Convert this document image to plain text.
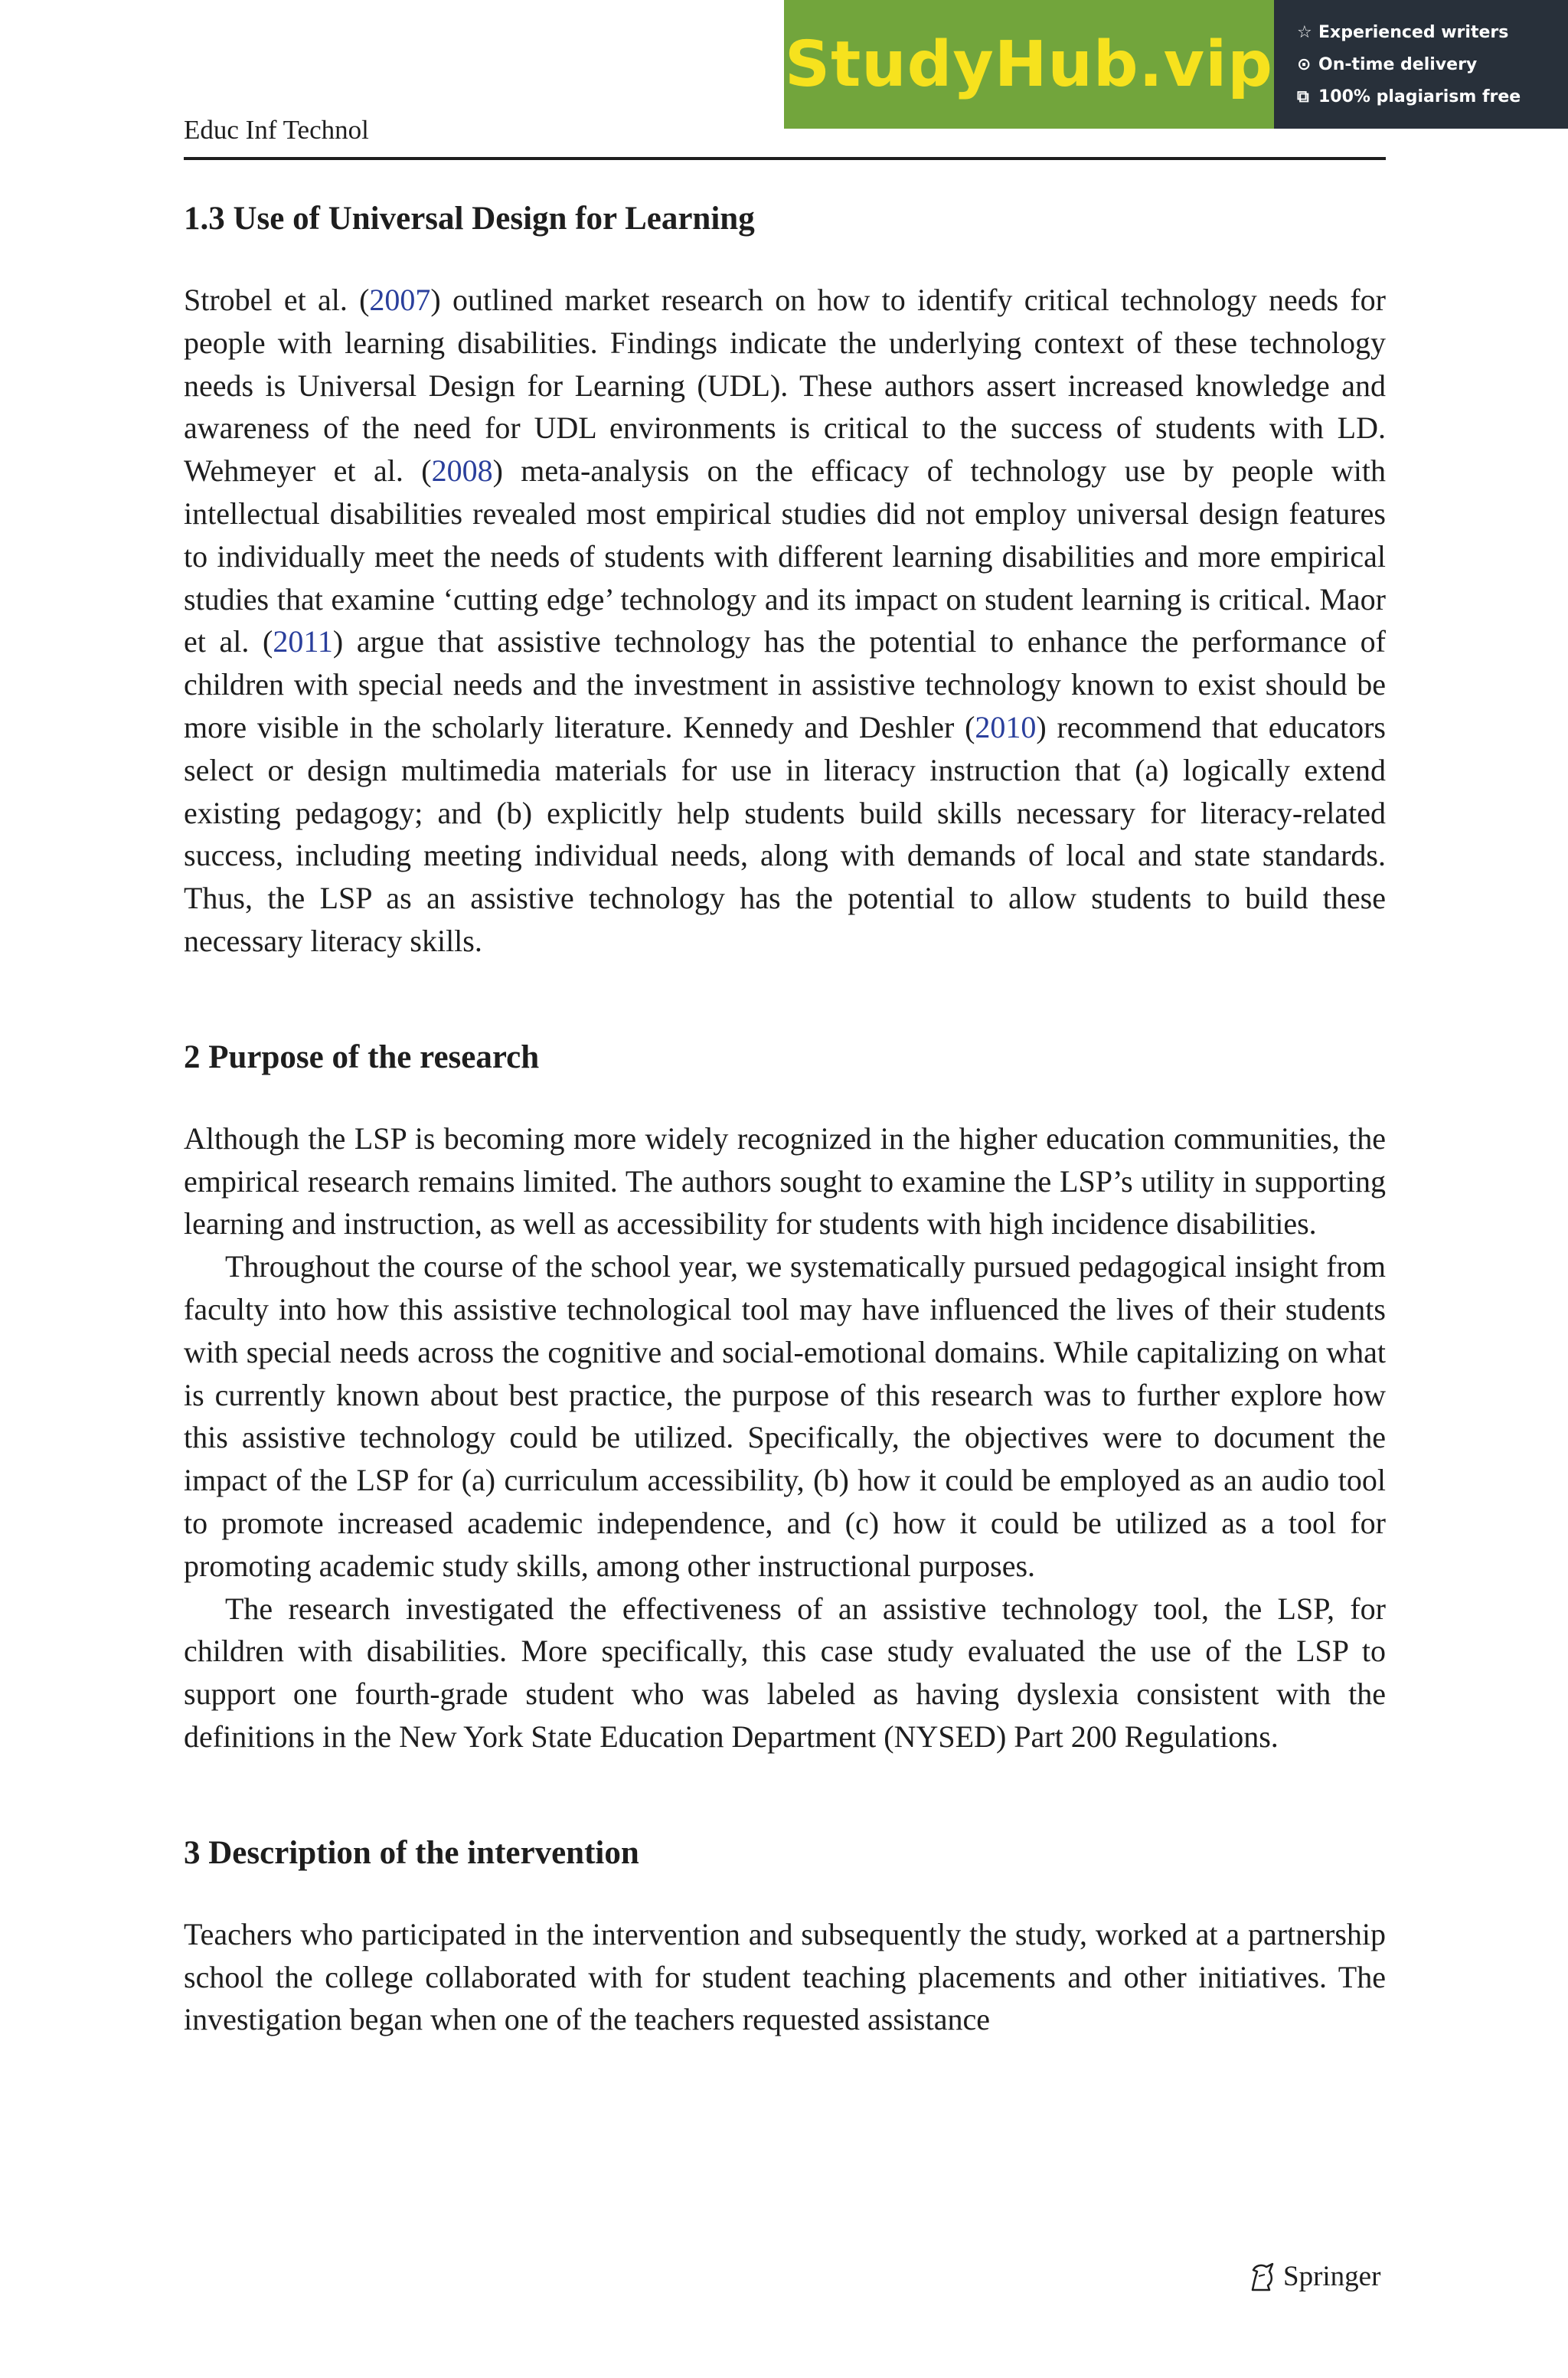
StudyHub.vip ☆ Experienced writers
⊙ On-time delivery
⧉ 100% plagiarism free
Educ Inf Technol
1.3 Use of Universal Design for Learning

Strobel et al. (2007) outlined market research on how to identify critical technology needs for people with learning disabilities. Findings indicate the underlying context of these technology needs is Universal Design for Learning (UDL). These authors assert increased knowledge and awareness of the need for UDL environments is critical to the success of students with LD. Wehmeyer et al. (2008) meta-analysis on the efficacy of technology use by people with intellectual disabilities revealed most empirical studies did not employ universal design features to individually meet the needs of students with different learning disabilities and more empirical studies that examine ‘cutting edge’ technology and its impact on student learning is critical. Maor et al. (2011) argue that assistive technology has the potential to enhance the performance of children with special needs and the investment in assistive technology known to exist should be more visible in the scholarly literature. Kennedy and Deshler (2010) recommend that educators select or design multimedia materials for use in literacy instruction that (a) logically extend existing pedagogy; and (b) explicitly help students build skills necessary for literacy-related success, including meeting individual needs, along with demands of local and state standards. Thus, the LSP as an assistive technology has the potential to allow students to build these necessary literacy skills.

2 Purpose of the research

Although the LSP is becoming more widely recognized in the higher education communities, the empirical research remains limited. The authors sought to examine the LSP’s utility in supporting learning and instruction, as well as accessibility for students with high incidence disabilities.

Throughout the course of the school year, we systematically pursued pedagogical insight from faculty into how this assistive technological tool may have influenced the lives of their students with special needs across the cognitive and social-emotional domains. While capitalizing on what is currently known about best practice, the purpose of this research was to further explore how this assistive technology could be utilized. Specifically, the objectives were to document the impact of the LSP for (a) curriculum accessibility, (b) how it could be employed as an audio tool to promote increased academic independence, and (c) how it could be utilized as a tool for promoting academic study skills, among other instructional purposes.

The research investigated the effectiveness of an assistive technology tool, the LSP, for children with disabilities. More specifically, this case study evaluated the use of the LSP to support one fourth-grade student who was labeled as having dyslexia consistent with the definitions in the New York State Education Department (NYSED) Part 200 Regulations.

3 Description of the intervention

Teachers who participated in the intervention and subsequently the study, worked at a partnership school the college collaborated with for student teaching placements and other initiatives. The investigation began when one of the teachers requested assistance

Springer
